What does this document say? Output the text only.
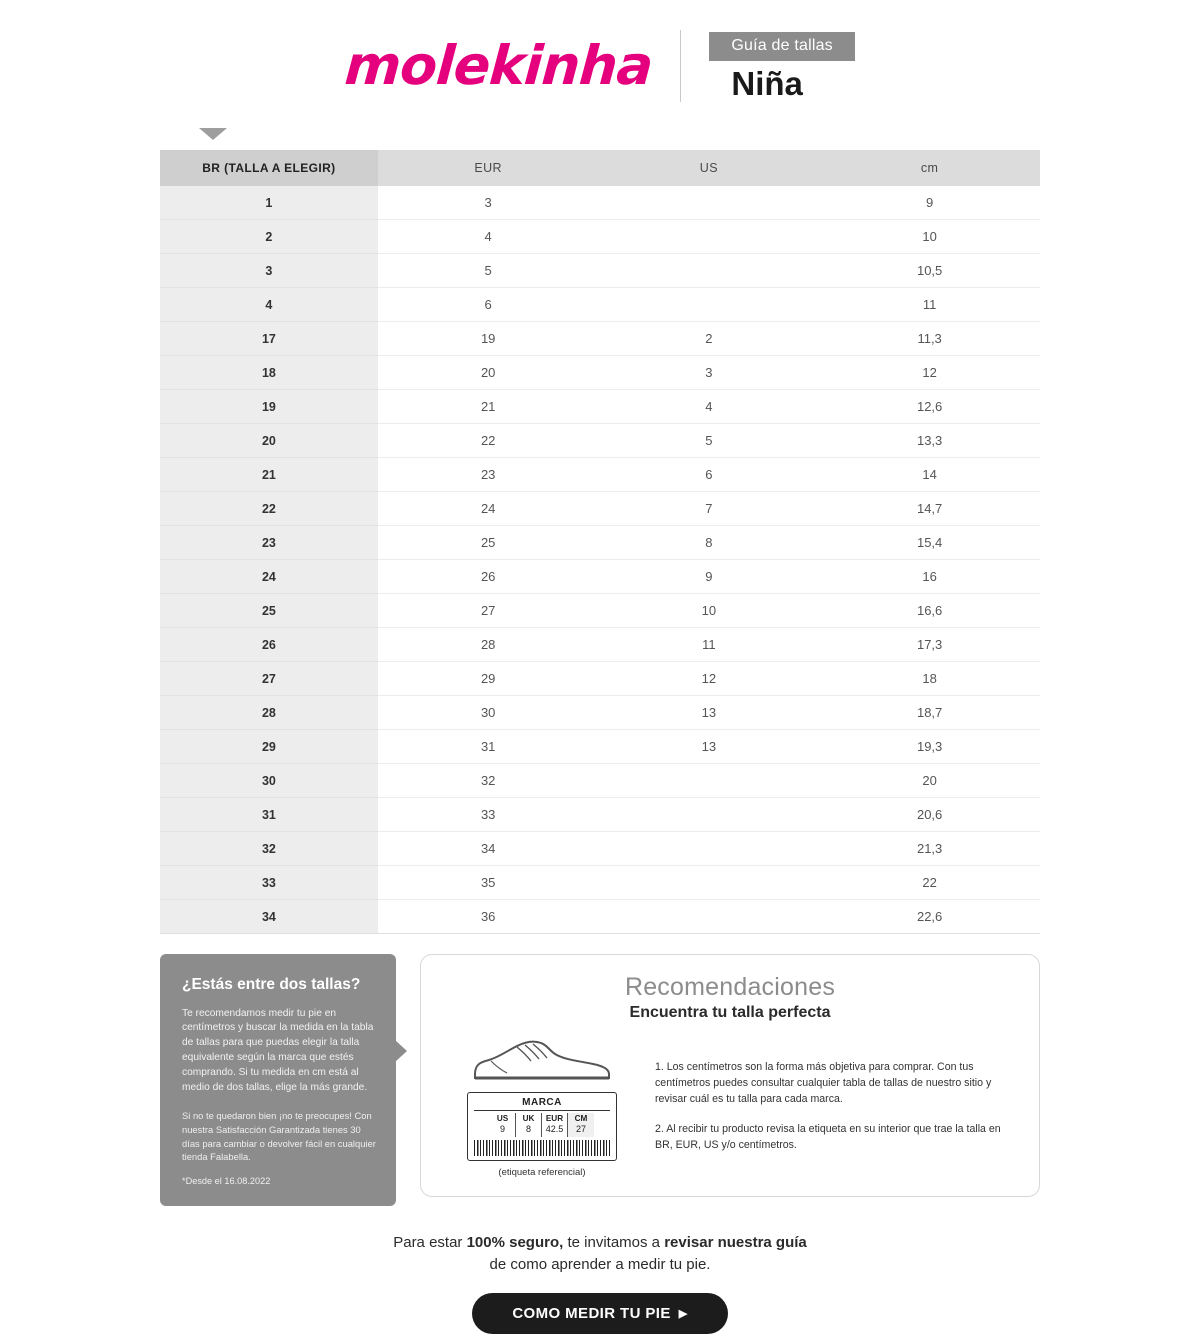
molekinha	Guía de tallas
Niña
BR (TALLA A ELEGIR)	EUR	US	cm
1	3		9
2	4		10
3	5		10,5
4	6		11
17	19	2	11,3
18	20	3	12
19	21	4	12,6
20	22	5	13,3
21	23	6	14
22	24	7	14,7
23	25	8	15,4
24	26	9	16
25	27	10	16,6
26	28	11	17,3
27	29	12	18
28	30	13	18,7
29	31	13	19,3
30	32		20
31	33		20,6
32	34		21,3
33	35		22
34	36		22,6
¿Estás entre dos tallas?

Te recomendamos medir tu pie en centímetros y buscar la medida en la tabla de tallas para que puedas elegir la talla equivalente según la marca que estés comprando. Si tu medida en cm está al medio de dos tallas, elige la más grande.

Si no te quedaron bien ¡no te preocupes! Con nuestra Satisfacción Garantizada tienes 30 días para cambiar o devolver fácil en cualquier tienda Falabella.

*Desde el 16.08.2022
Recomendaciones
Encuentra tu talla perfecta
MARCA
US
9
UK
8
EUR
42.5
CM
27
(etiqueta referencial)

1. Los centímetros son la forma más objetiva para comprar. Con tus centímetros puedes consultar cualquier tabla de tallas de nuestro sitio y revisar cuál es tu talla para cada marca.

2. Al recibir tu producto revisa la etiqueta en su interior que trae la talla en BR, EUR, US y/o centímetros.

Para estar 100% seguro, te invitamos a revisar nuestra guía

de como aprender a medir tu pie.

COMO MEDIR TU PIE ▶
